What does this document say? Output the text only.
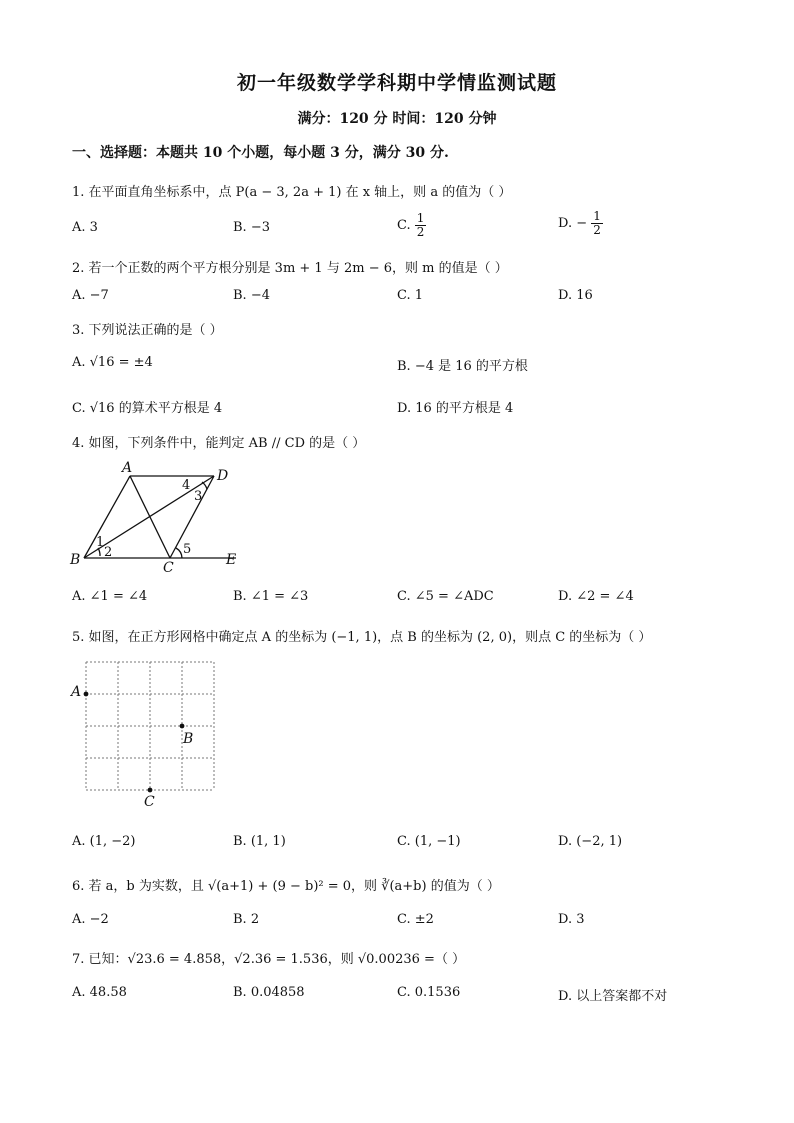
初一年级数学学科期中学情监测试题
满分：120 分 时间：120 分钟
一、选择题：本题共 10 个小题，每小题 3 分，满分 30 分.
1. 在平面直角坐标系中，点 P(a − 3, 2a + 1) 在 x 轴上，则 a 的值为（ ）
A. 3	B. −3	C. $\frac{1}{2}$	D. − $\frac{1}{2}$
2. 若一个正数的两个平方根分别是 3m + 1 与 2m − 6，则 m 的值是（ ）
A. −7	B. −4	C. 1	D. 16
3. 下列说法正确的是（ ）
A. √16 = ±4	B. −4 是 16 的平方根
C. √16 的算术平方根是 4	D. 16 的平方根是 4
4. 如图，下列条件中，能判定 AB // CD 的是（ ）
A	D
B	C	E
1
2
3
4
5
A. ∠1 = ∠4	B. ∠1 = ∠3	C. ∠5 = ∠ADC	D. ∠2 = ∠4
5. 如图，在正方形网格中确定点 A 的坐标为 (−1, 1)，点 B 的坐标为 (2, 0)，则点 C 的坐标为（ ）
A
B
C
A. (1, −2)	B. (1, 1)	C. (1, −1)	D. (−2, 1)
6. 若 a，b 为实数，且 √(a+1) + (9 − b)² = 0，则 ∛(a+b) 的值为（ ）
A. −2	B. 2	C. ±2	D. 3
7. 已知：√23.6 = 4.858，√2.36 = 1.536，则 √0.00236 =（ ）
A. 48.58	B. 0.04858	C. 0.1536	D. 以上答案都不对
